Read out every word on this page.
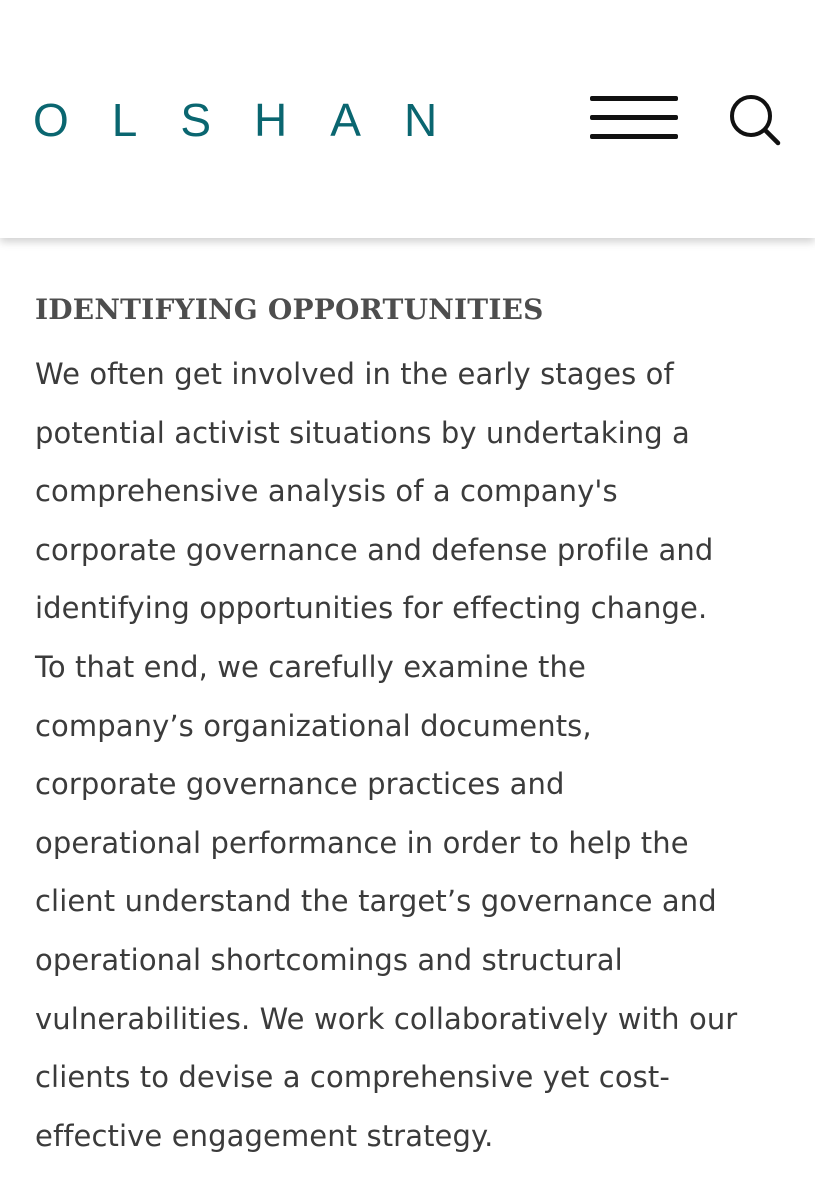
OLSHAN
IDENTIFYING OPPORTUNITIES

We often get involved in the early stages of
potential activist situations by undertaking a
comprehensive analysis of a company's
corporate governance and defense profile and
identifying opportunities for effecting change.
To that end, we carefully examine the
company’s organizational documents,
corporate governance practices and
operational performance in order to help the
client understand the target’s governance and
operational shortcomings and structural
vulnerabilities. We work collaboratively with our
clients to devise a comprehensive yet cost-
effective engagement strategy.
